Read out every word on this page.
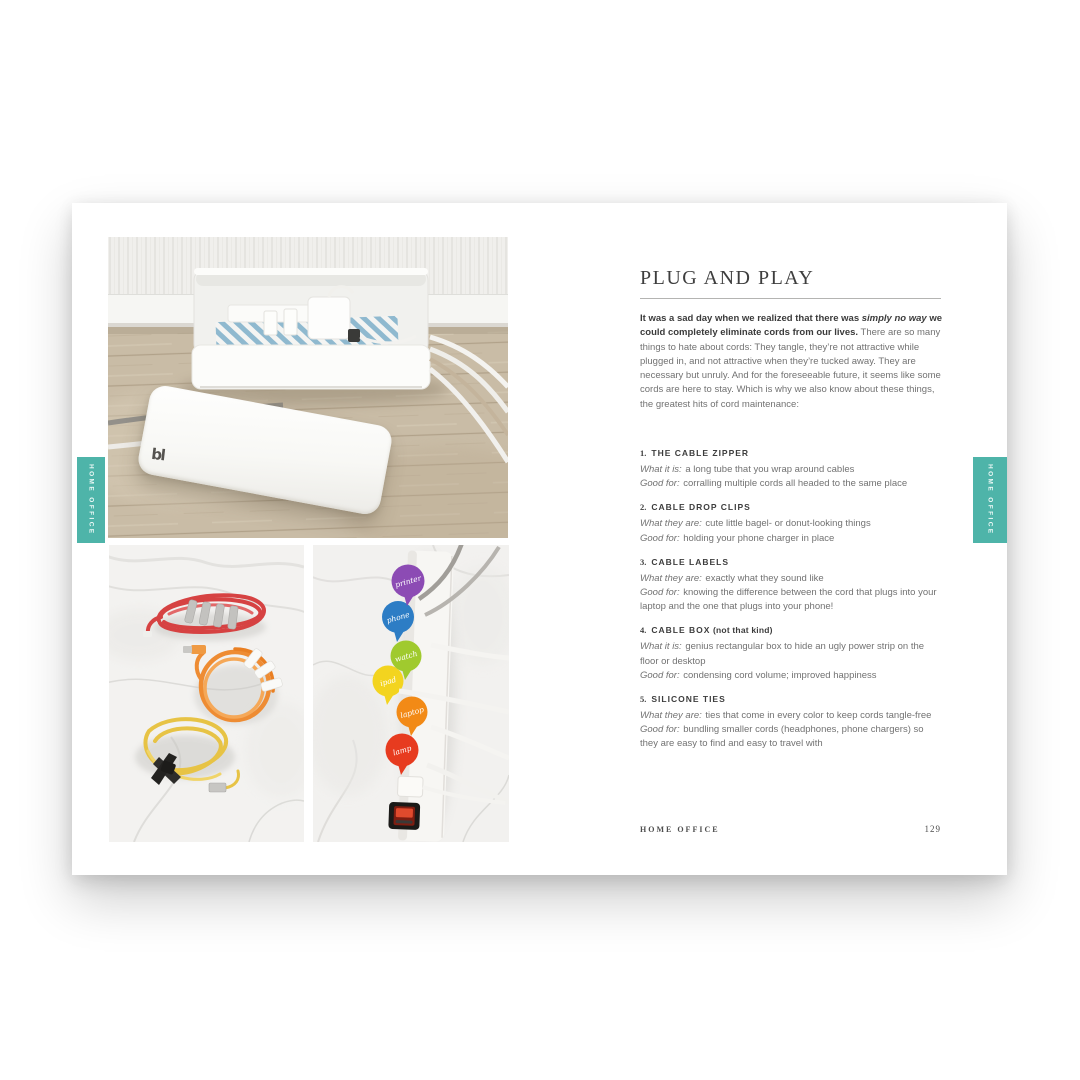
bl
lamp
laptop
ipad
watch
phone
printer
HOME OFFICE	HOME OFFICE
PLUG AND PLAY

It was a sad day when we realized that there was simply no way we could completely eliminate cords from our lives. There are so many things to hate about cords: They tangle, they’re not attractive while plugged in, and not attractive when they’re tucked away. They are necessary but unruly. And for the foreseeable future, it seems like some cords are here to stay. Which is why we also know about these things, the greatest hits of cord maintenance:

1. THE CABLE ZIPPER
What it is: a long tube that you wrap around cables
Good for: corralling multiple cords all headed to the same place
2. CABLE DROP CLIPS
What they are: cute little bagel- or donut-looking things
Good for: holding your phone charger in place
3. CABLE LABELS
What they are: exactly what they sound like
Good for: knowing the difference between the cord that plugs into your laptop and the one that plugs into your phone!
4. CABLE BOX (not that kind)
What it is: genius rectangular box to hide an ugly power strip on the floor or desktop
Good for: condensing cord volume; improved happiness
5. SILICONE TIES
What they are: ties that come in every color to keep cords tangle-free
Good for: bundling smaller cords (headphones, phone chargers) so they are easy to find and easy to travel with
HOME OFFICE	129
